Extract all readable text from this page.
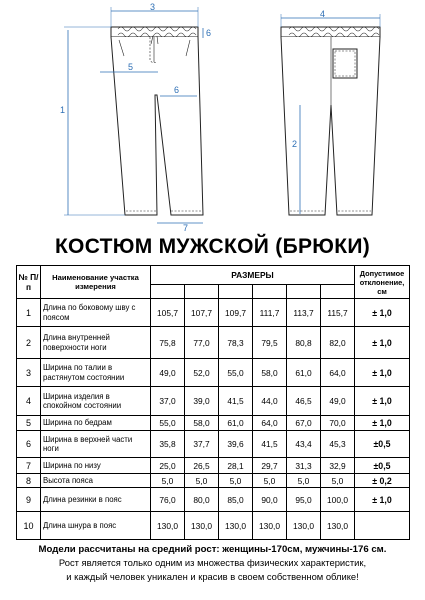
3
6
5
6
1
7
4
2
КОСТЮМ МУЖСКОЙ (БРЮКИ)
№ П/п	Наименование участка измерения	РАЗМЕРЫ						Допустимое отклонение, см

1	Длина по боковому шву с поясом	105,7	107,7	109,7	111,7	113,7	115,7	± 1,0
2	Длина внутренней поверхности ноги	75,8	77,0	78,3	79,5	80,8	82,0	± 1,0
3	Ширина по талии в растянутом состоянии	49,0	52,0	55,0	58,0	61,0	64,0	± 1,0
4	Ширина изделия в спокойном состоянии	37,0	39,0	41,5	44,0	46,5	49,0	± 1,0
5	Ширина по бедрам	55,0	58,0	61,0	64,0	67,0	70,0	± 1,0
6	Ширина в верхней части ноги	35,8	37,7	39,6	41,5	43,4	45,3	±0,5
7	Ширина по низу	25,0	26,5	28,1	29,7	31,3	32,9	±0,5
8	Высота пояса	5,0	5,0	5,0	5,0	5,0	5,0	± 0,2
9	Длина резинки в пояс	76,0	80,0	85,0	90,0	95,0	100,0	± 1,0
10	Длина шнура в пояс	130,0	130,0	130,0	130,0	130,0	130,0	
Модели рассчитаны на средний рост: женщины-170см, мужчины-176 см.
Рост является только одним из множества физических характеристик,
и каждый человек уникален и красив в своем собственном облике!
